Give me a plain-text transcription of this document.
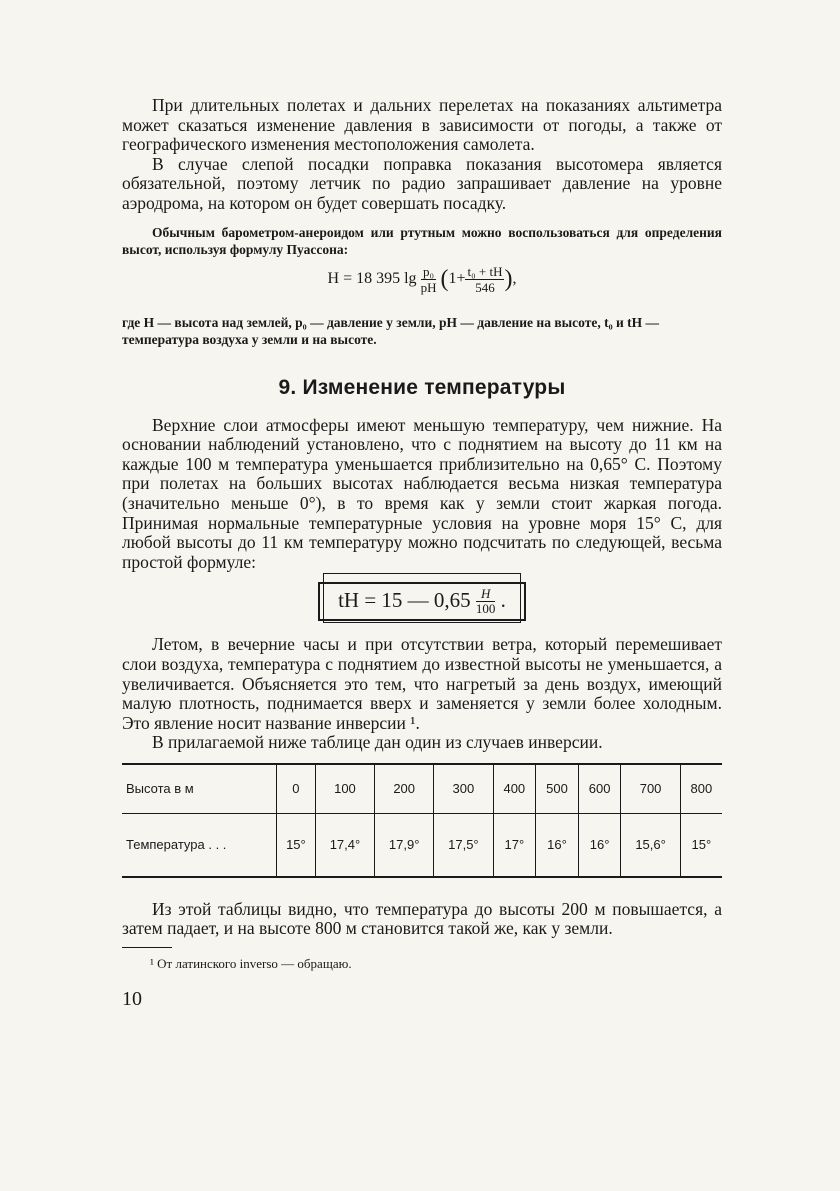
При длительных полетах и дальних перелетах на показаниях альтиметра может сказаться изменение давления в зависимости от погоды, а также от географического изменения местоположения самолета.

В случае слепой посадки поправка показания высотомера является обязательной, поэтому летчик по радио запрашивает давление на уровне аэродрома, на котором он будет совершать посадку.

Обычным барометром-анероидом или ртутным можно воспользоваться для определения высот, используя формулу Пуассона:

H = 18 395 $\lg \frac{\text{p₀}}{pH} (1+ \frac{\text{t₀ + tH}}{546}$ ),

где H — высота над землей, p₀ — давление у земли, pH — давление на высоте, t₀ и tH — температура воздуха у земли и на высоте.

9. Изменение температуры

Верхние слои атмосферы имеют меньшую температуру, чем нижние. На основании наблюдений установлено, что с поднятием на высоту до 11 км на каждые 100 м температура уменьшается приблизительно на 0,65° С. Поэтому при полетах на больших высотах наблюдается весьма низкая температура (значительно меньше 0°), в то время как у земли стоит жаркая погода. Принимая нормальные температурные условия на уровне моря 15° С, для любой высоты до 11 км температуру можно подсчитать по следующей, весьма простой формуле:

tH = 15 — $0,65 \frac{H}{100}$ .

Летом, в вечерние часы и при отсутствии ветра, который перемешивает слои воздуха, температура с поднятием до известной высоты не уменьшается, а увеличивается. Объясняется это тем, что нагретый за день воздух, имеющий малую плотность, поднимается вверх и заменяется у земли более холодным. Это явление носит название инверсии ¹.

В прилагаемой ниже таблице дан один из случаев инверсии.

Высота в м	0	100	200	300	400	500	600	700	800
Температура . . .	15°	17,4°	17,9°	17,5°	17°	16°	16°	15,6°	15°

Из этой таблицы видно, что температура до высоты 200 м повышается, а затем падает, и на высоте 800 м становится такой же, как у земли.

¹ От латинского inverso — обращаю.

10
